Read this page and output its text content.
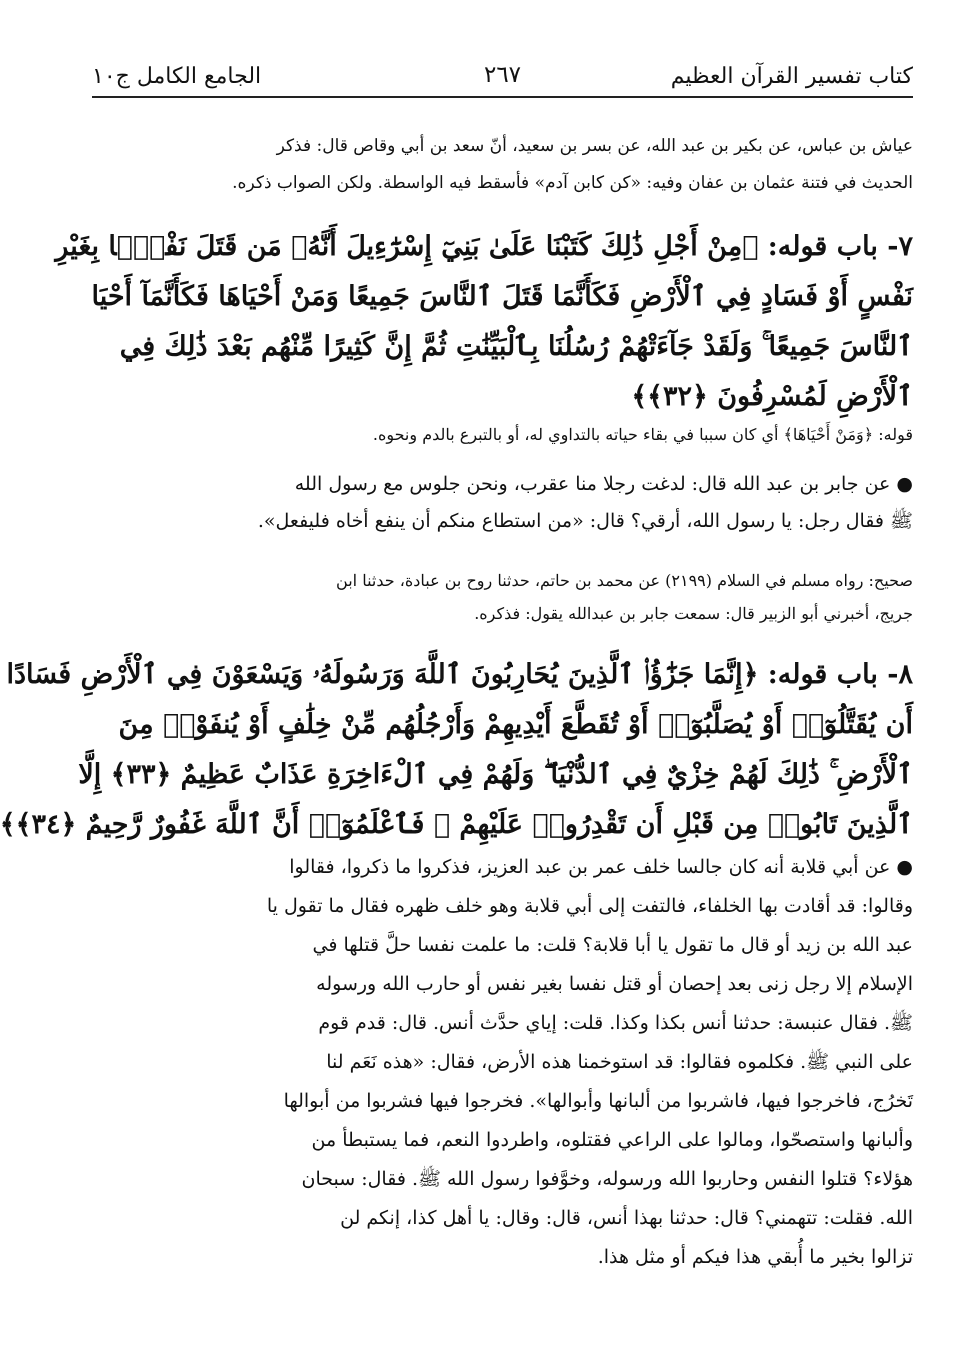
كتاب تفسير القرآن العظيم
٢٦٧
الجامع الكامل ج١٠
عياش بن عباس، عن بكير بن عبد الله، عن بسر بن سعيد، أنّ سعد بن أبي وقاص قال: فذكر
الحديث في فتنة عثمان بن عفان وفيه: «كن كابن آدم» فأسقط فيه الواسطة. ولكن الصواب ذكره.
٧- باب قوله: ﴿مِنْ أَجْلِ ذَٰلِكَ كَتَبْنَا عَلَىٰ بَنِيٓ إِسْرَٰٓءِيلَ أَنَّهُۥ مَن قَتَلَ نَفْسًۢا بِغَيْرِ
نَفْسٍ أَوْ فَسَادٍ فِي ٱلْأَرْضِ فَكَأَنَّمَا قَتَلَ ٱلنَّاسَ جَمِيعًا وَمَنْ أَحْيَاهَا فَكَأَنَّمَآ أَحْيَا
ٱلنَّاسَ جَمِيعًا ۚ وَلَقَدْ جَآءَتْهُمْ رُسُلُنَا بِٱلْبَيِّنَٰتِ ثُمَّ إِنَّ كَثِيرًا مِّنْهُم بَعْدَ ذَٰلِكَ فِي
ٱلْأَرْضِ لَمُسْرِفُونَ ﴿٣٢﴾﴾
قوله: ﴿وَمَنْ أَحْيَاهَا﴾ أي كان سببا في بقاء حياته بالتداوي له، أو بالتبرع بالدم ونحوه.
● عن جابر بن عبد الله قال: لدغت رجلا منا عقرب، ونحن جلوس مع رسول الله
ﷺ فقال رجل: يا رسول الله، أرقي؟ قال: «من استطاع منكم أن ينفع أخاه فليفعل».
صحيح: رواه مسلم في السلام (٢١٩٩) عن محمد بن حاتم، حدثنا روح بن عبادة، حدثنا ابن
جريج، أخبرني أبو الزبير قال: سمعت جابر بن عبدالله يقول: فذكره.
٨- باب قوله: ﴿إِنَّمَا جَزَٰٓؤُا۟ ٱلَّذِينَ يُحَارِبُونَ ٱللَّهَ وَرَسُولَهُۥ وَيَسْعَوْنَ فِي ٱلْأَرْضِ فَسَادًا
أَن يُقَتَّلُوٓا۟ أَوْ يُصَلَّبُوٓا۟ أَوْ تُقَطَّعَ أَيْدِيهِمْ وَأَرْجُلُهُم مِّنْ خِلَٰفٍ أَوْ يُنفَوْا۟ مِنَ
ٱلْأَرْضِ ۚ ذَٰلِكَ لَهُمْ خِزْيٌ فِي ٱلدُّنْيَا ۖ وَلَهُمْ فِي ٱلْءَاخِرَةِ عَذَابٌ عَظِيمٌ ﴿٣٣﴾ إِلَّا
ٱلَّذِينَ تَابُوا۟ مِن قَبْلِ أَن تَقْدِرُوا۟ عَلَيْهِمْ ۖ فَٱعْلَمُوٓا۟ أَنَّ ٱللَّهَ غَفُورٌ رَّحِيمٌ ﴿٣٤﴾﴾
● عن أبي قلابة أنه كان جالسا خلف عمر بن عبد العزيز، فذكروا ما ذكروا، فقالوا
وقالوا: قد أقادت بها الخلفاء، فالتفت إلى أبي قلابة وهو خلف ظهره فقال ما تقول يا
عبد الله بن زيد أو قال ما تقول يا أبا قلابة؟ قلت: ما علمت نفسا حلَّ قتلها في
الإسلام إلا رجل زنى بعد إحصان أو قتل نفسا بغير نفس أو حارب الله ورسوله
ﷺ. فقال عنبسة: حدثنا أنس بكذا وكذا. قلت: إياي حدَّث أنس. قال: قدم قوم
على النبي ﷺ. فكلموه فقالوا: قد استوخمنا هذه الأرض، فقال: «هذه نَعَم لنا
تَخرُج، فاخرجوا فيها، فاشربوا من ألبانها وأبوالها». فخرجوا فيها فشربوا من أبوالها
وألبانها واستصحّوا، ومالوا على الراعي فقتلوه، واطردوا النعم، فما يستبطأ من
هؤلاء؟ قتلوا النفس وحاربوا الله ورسوله، وخوَّفوا رسول الله ﷺ. فقال: سبحان
الله. فقلت: تتهمني؟ قال: حدثنا بهذا أنس، قال: وقال: يا أهل كذا، إنكم لن
تزالوا بخير ما أُبقي هذا فيكم أو مثل هذا.
